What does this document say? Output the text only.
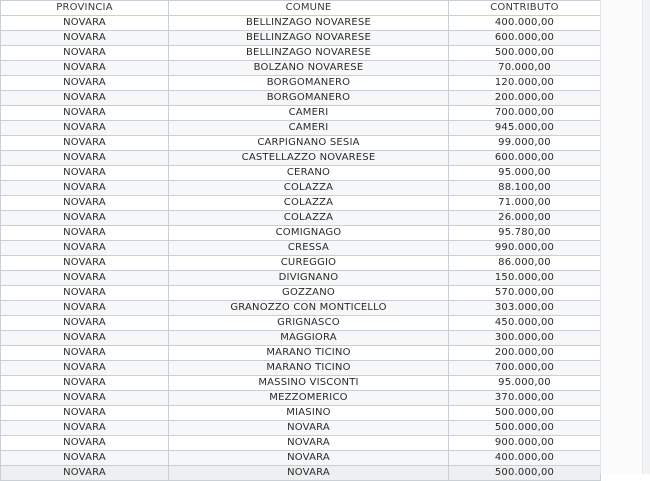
PROVINCIA	COMUNE	CONTRIBUTO
NOVARA	BELLINZAGO NOVARESE	400.000,00
NOVARA	BELLINZAGO NOVARESE	600.000,00
NOVARA	BELLINZAGO NOVARESE	500.000,00
NOVARA	BOLZANO NOVARESE	70.000,00
NOVARA	BORGOMANERO	120.000,00
NOVARA	BORGOMANERO	200.000,00
NOVARA	CAMERI	700.000,00
NOVARA	CAMERI	945.000,00
NOVARA	CARPIGNANO SESIA	99.000,00
NOVARA	CASTELLAZZO NOVARESE	600.000,00
NOVARA	CERANO	95.000,00
NOVARA	COLAZZA	88.100,00
NOVARA	COLAZZA	71.000,00
NOVARA	COLAZZA	26.000,00
NOVARA	COMIGNAGO	95.780,00
NOVARA	CRESSA	990.000,00
NOVARA	CUREGGIO	86.000,00
NOVARA	DIVIGNANO	150.000,00
NOVARA	GOZZANO	570.000,00
NOVARA	GRANOZZO CON MONTICELLO	303.000,00
NOVARA	GRIGNASCO	450.000,00
NOVARA	MAGGIORA	300.000,00
NOVARA	MARANO TICINO	200.000,00
NOVARA	MARANO TICINO	700.000,00
NOVARA	MASSINO VISCONTI	95.000,00
NOVARA	MEZZOMERICO	370.000,00
NOVARA	MIASINO	500.000,00
NOVARA	NOVARA	500.000,00
NOVARA	NOVARA	900.000,00
NOVARA	NOVARA	400.000,00
NOVARA	NOVARA	500.000,00
